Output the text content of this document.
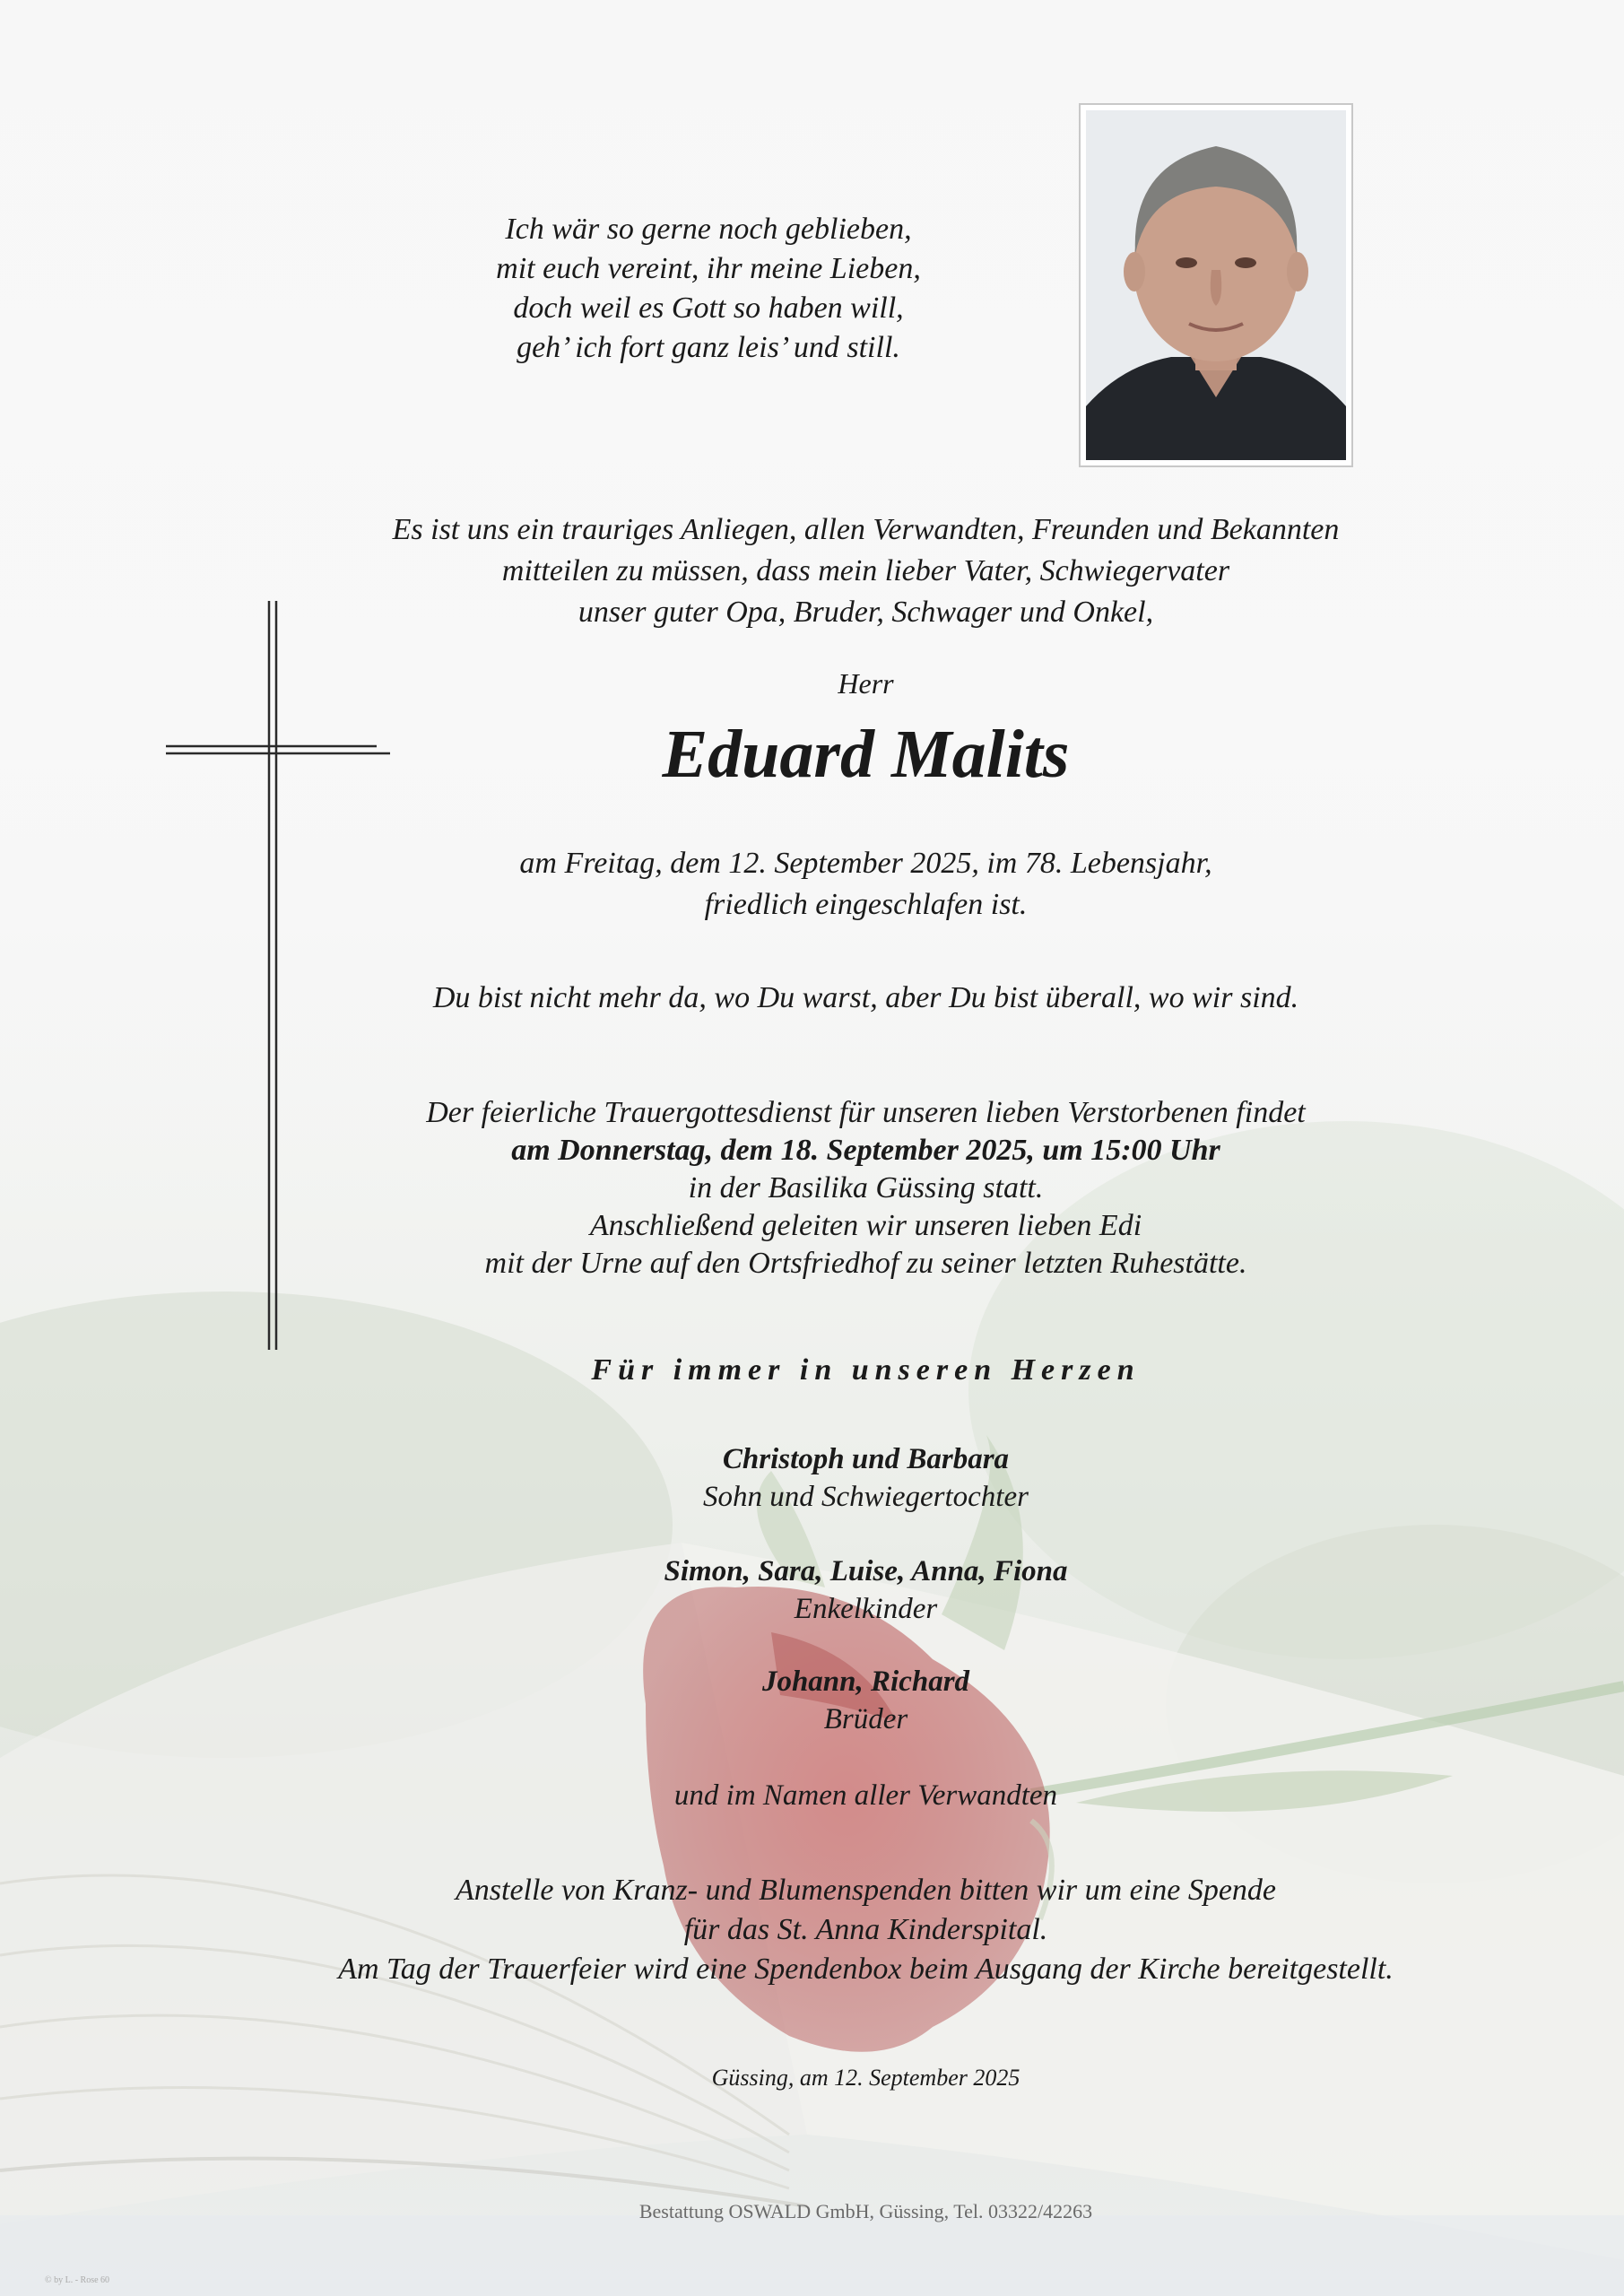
Ich wär so gerne noch geblieben,
mit euch vereint, ihr meine Lieben,
doch weil es Gott so haben will,
geh’ ich fort ganz leis’ und still.
Es ist uns ein trauriges Anliegen, allen Verwandten, Freunden und Bekannten
mitteilen zu müssen, dass mein lieber Vater, Schwiegervater
unser guter Opa, Bruder, Schwager und Onkel,
Herr
Eduard Malits
am Freitag, dem 12. September 2025, im 78. Lebensjahr,
friedlich eingeschlafen ist.
Du bist nicht mehr da, wo Du warst, aber Du bist überall, wo wir sind.
Der feierliche Trauergottesdienst für unseren lieben Verstorbenen findet
am Donnerstag, dem 18. September 2025, um 15:00 Uhr
in der Basilika Güssing statt.
Anschließend geleiten wir unseren lieben Edi
mit der Urne auf den Ortsfriedhof zu seiner letzten Ruhestätte.
Für immer in unseren Herzen
Christoph und Barbara
Sohn und Schwiegertochter
Simon, Sara, Luise, Anna, Fiona
Enkelkinder
Johann, Richard
Brüder
und im Namen aller Verwandten
Anstelle von Kranz- und Blumenspenden bitten wir um eine Spende
für das St. Anna Kinderspital.
Am Tag der Trauerfeier wird eine Spendenbox beim Ausgang der Kirche bereitgestellt.
Güssing, am 12. September 2025
Bestattung OSWALD GmbH, Güssing, Tel. 03322/42263
© by L. - Rose 60
